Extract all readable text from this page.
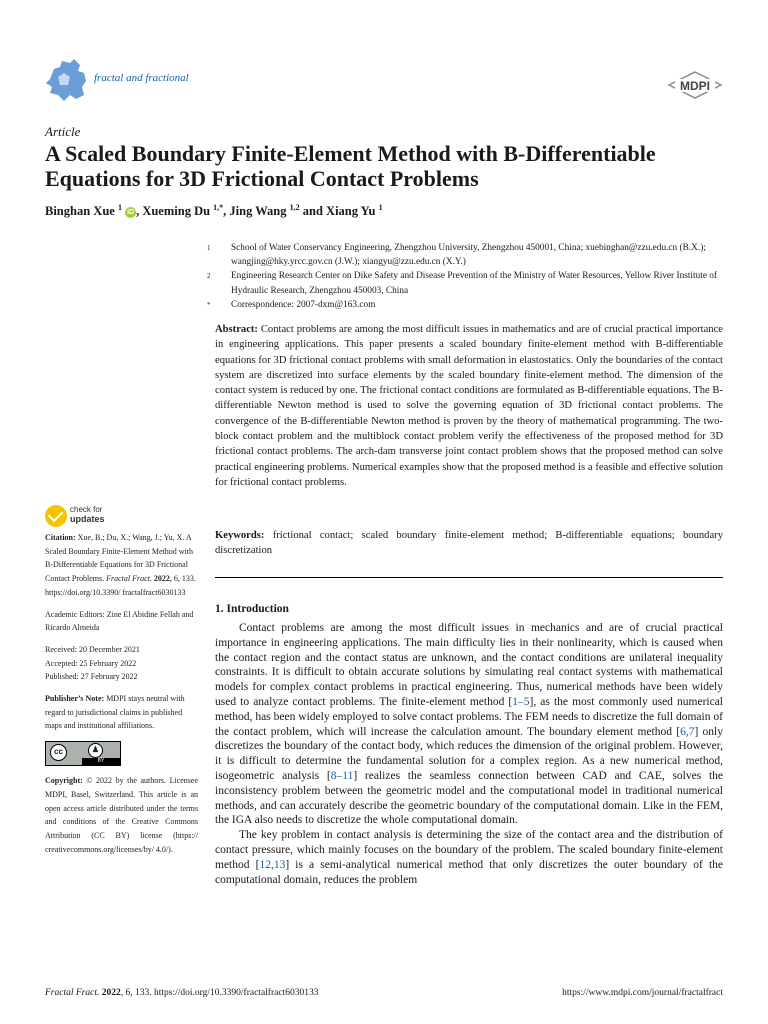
fractal and fractional
MDPI
Article
A Scaled Boundary Finite-Element Method with B-Differentiable Equations for 3D Frictional Contact Problems
Binghan Xue $^1$ iD , Xueming Du $^{1,*}$, Jing Wang $^{1,2}$ and Xiang Yu $^1$
1	School of Water Conservancy Engineering, Zhengzhou University, Zhengzhou 450001, China; xuebinghan@zzu.edu.cn (B.X.); wangjing@hky.yrcc.gov.cn (J.W.); xiangyu@zzu.edu.cn (X.Y.)
2	Engineering Research Center on Dike Safety and Disease Prevention of the Ministry of Water Resources, Yellow River Institute of Hydraulic Research, Zhengzhou 450003, China
*	Correspondence: 2007-dxm@163.com
Abstract: Contact problems are among the most difficult issues in mathematics and are of crucial practical importance in engineering applications. This paper presents a scaled boundary finite-element method with B-differentiable equations for 3D frictional contact problems with small deformation in elastostatics. Only the boundaries of the contact system are discretized into surface elements by the scaled boundary finite-element method. The dimension of the contact system is reduced by one. The frictional contact conditions are formulated as B-differentiable equations. The B-differentiable Newton method is used to solve the governing equation of 3D frictional contact problems. The convergence of the B-differentiable Newton method is proven by the theory of mathematical programming. The two-block contact problem and the multiblock contact problem verify the effectiveness of the proposed method for 3D frictional contact problems. The arch-dam transverse joint contact problem shows that the proposed method can solve practical engineering problems. Numerical examples show that the proposed method is a feasible and effective solution for frictional contact problems.
Keywords: frictional contact; scaled boundary finite-element method; B-differentiable equations; boundary discretization
1. Introduction

Contact problems are among the most difficult issues in mechanics and are of crucial practical importance in engineering applications. The main difficulty lies in their nonlinearity, which is caused when the contact region and the contact status are unknown, and the contact conditions are unilateral inequality constraints. It is difficult to obtain accurate solutions by simulating real contact systems with mathematical models for complex contact problems in practical engineering. Thus, numerical methods have been widely used to analyze contact problems. The finite-element method [1–5], as the most commonly used numerical method, has been widely employed to solve contact problems. The FEM needs to discretize the full domain of the contact problem, which will increase the calculation amount. The boundary element method [6,7] only discretizes the boundary of the contact body, which reduces the dimension of the original problem. However, it is difficult to determine the fundamental solution for a complex region. As a new numerical method, isogeometric analysis [8–11] realizes the seamless connection between CAD and CAE, solves the inconsistency problem between the geometric model and the computational model in traditional numerical methods, and can accurately describe the geometric boundary of the computational domain. Like in the FEM, the IGA also needs to discretize the whole computational domain.

The key problem in contact analysis is determining the size of the contact area and the distribution of contact pressure, which mainly focuses on the boundary of the problem. The scaled boundary finite-element method [12,13] is a semi-analytical numerical method that only discretizes the outer boundary of the computational domain, reduces the problem

check for
updates
Citation: Xue, B.; Du, X.; Wang, J.; Yu, X. A Scaled Boundary Finite-Element Method with B-Differentiable Equations for 3D Frictional Contact Problems. Fractal Fract. 2022, 6, 133. https://doi.org/10.3390/ fractalfract6030133
Academic Editors: Zine El Abidine Fellah and Ricardo Almeida
Received: 20 December 2021
Accepted: 25 February 2022
Published: 27 February 2022
Publisher’s Note: MDPI stays neutral with regard to jurisdictional claims in published maps and institutional affiliations.
cc	♟
BY
Copyright: © 2022 by the authors. Licensee MDPI, Basel, Switzerland. This article is an open access article distributed under the terms and conditions of the Creative Commons Attribution (CC BY) license (https:// creativecommons.org/licenses/by/ 4.0/).
Fractal Fract. 2022, 6, 133. https://doi.org/10.3390/fractalfract6030133	https://www.mdpi.com/journal/fractalfract
